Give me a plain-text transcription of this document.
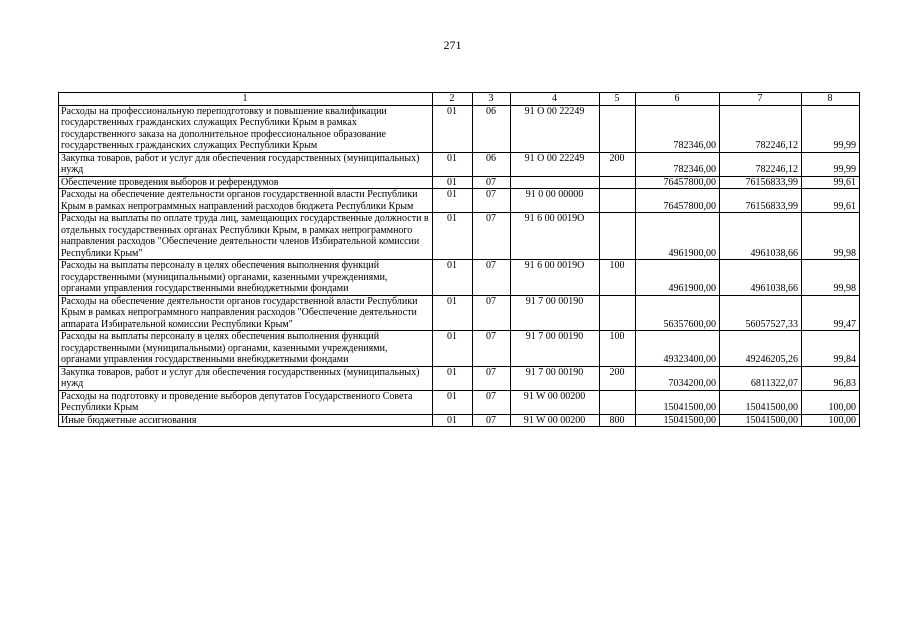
271
1	2	3	4	5	6	7	8
Расходы на профессиональную переподготовку и повышение квалификации государственных гражданских служащих Республики Крым в рамках государственного заказа на дополнительное профессиональное образование государственных гражданских служащих Республики Крым	01	06	91 О 00 22249		782346,00	782246,12	99,99
Закупка товаров, работ и услуг для обеспечения государственных (муниципальных) нужд	01	06	91 О 00 22249	200	782346,00	782246,12	99,99
Обеспечение проведения выборов и референдумов	01	07			76457800,00	76156833,99	99,61
Расходы на обеспечение деятельности органов государственной власти Республики Крым в рамках непрограммных направлений расходов бюджета Республики Крым	01	07	91 0 00 00000		76457800,00	76156833,99	99,61
Расходы на выплаты по оплате труда лиц, замещающих государственные должности в отдельных государственных органах Республики Крым, в рамках непрограммного направления расходов "Обеспечение деятельности членов Избирательной комиссии Республики Крым"	01	07	91 6 00 0019О		4961900,00	4961038,66	99,98
Расходы на выплаты персоналу в целях обеспечения выполнения функций государственными (муниципальными) органами, казенными учреждениями, органами управления государственными внебюджетными фондами	01	07	91 6 00 0019О	100	4961900,00	4961038,66	99,98
Расходы на обеспечение деятельности органов государственной власти Республики Крым в рамках непрограммного направления расходов "Обеспечение деятельности аппарата Избирательной комиссии Республики Крым"	01	07	91 7 00 00190		56357600,00	56057527,33	99,47
Расходы на выплаты персоналу в целях обеспечения выполнения функций государственными (муниципальными) органами, казенными учреждениями, органами управления государственными внебюджетными фондами	01	07	91 7 00 00190	100	49323400,00	49246205,26	99,84
Закупка товаров, работ и услуг для обеспечения государственных (муниципальных) нужд	01	07	91 7 00 00190	200	7034200,00	6811322,07	96,83
Расходы на подготовку и проведение выборов депутатов Государственного Совета Республики Крым	01	07	91 W 00 00200		15041500,00	15041500,00	100,00
Иные бюджетные ассигнования	01	07	91 W 00 00200	800	15041500,00	15041500,00	100,00
